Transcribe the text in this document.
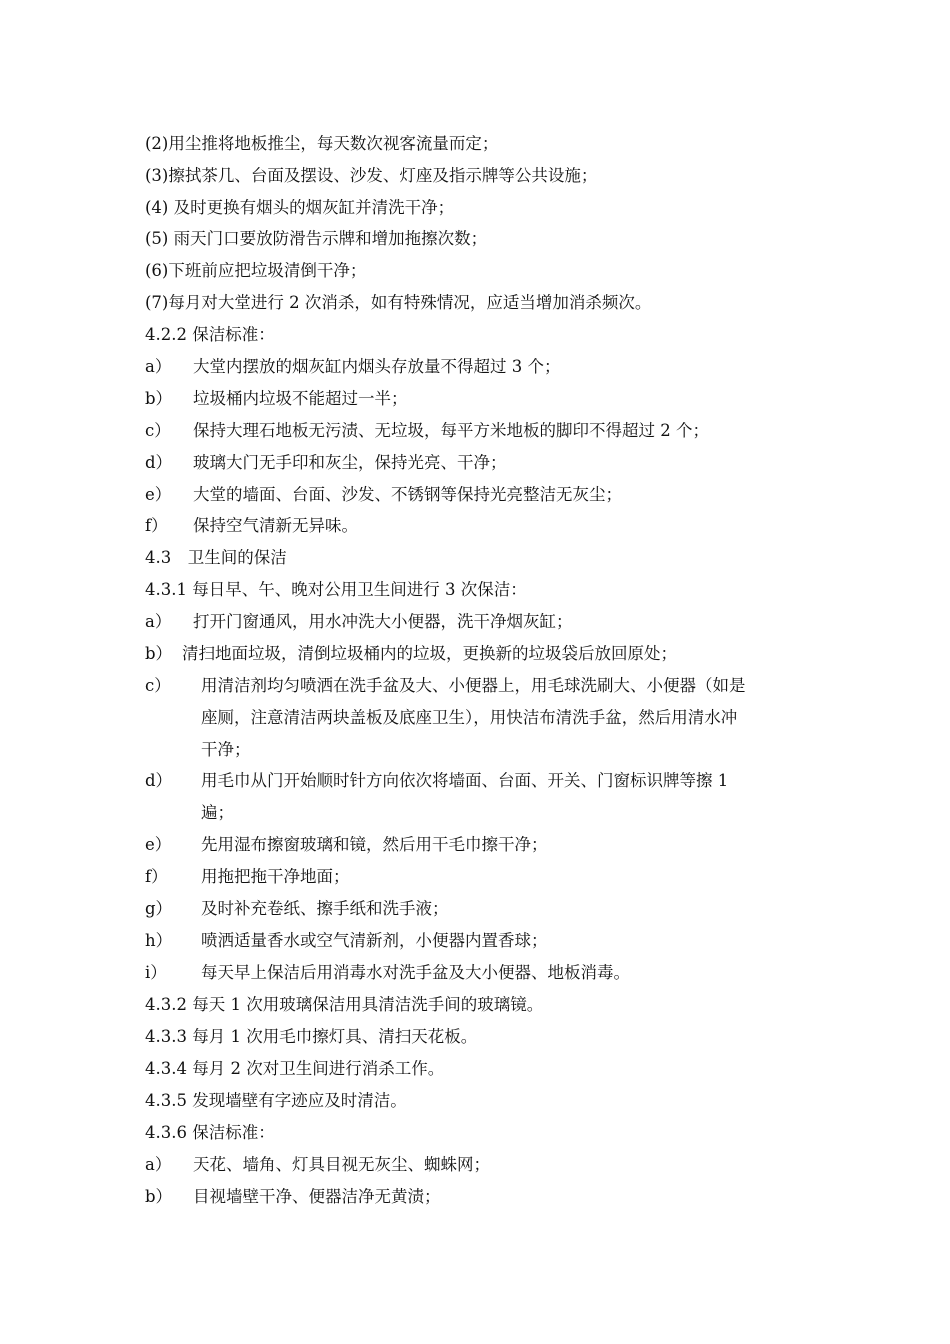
(2)用尘推将地板推尘，每天数次视客流量而定；
(3)擦拭茶几、台面及摆设、沙发、灯座及指示牌等公共设施；
(4) 及时更换有烟头的烟灰缸并清洗干净；
(5) 雨天门口要放防滑告示牌和增加拖擦次数；
(6)下班前应把垃圾清倒干净；
(7)每月对大堂进行 2 次消杀，如有特殊情况，应适当增加消杀频次。
4.2.2 保洁标准：
a） 大堂内摆放的烟灰缸内烟头存放量不得超过 3 个；
b） 垃圾桶内垃圾不能超过一半；
c） 保持大理石地板无污渍、无垃圾，每平方米地板的脚印不得超过 2 个；
d） 玻璃大门无手印和灰尘，保持光亮、干净；
e） 大堂的墙面、台面、沙发、不锈钢等保持光亮整洁无灰尘；
f） 保持空气清新无异味。
4.3　卫生间的保洁
4.3.1 每日早、午、晚对公用卫生间进行 3 次保洁：
a） 打开门窗通风，用水冲洗大小便器，洗干净烟灰缸；
b） 清扫地面垃圾，清倒垃圾桶内的垃圾，更换新的垃圾袋后放回原处；
c） 用清洁剂均匀喷洒在洗手盆及大、小便器上，用毛球洗刷大、小便器（如是
座厕，注意清洁两块盖板及底座卫生），用快洁布清洗手盆，然后用清水冲
干净；
d） 用毛巾从门开始顺时针方向依次将墙面、台面、开关、门窗标识牌等擦 1
遍；
e） 先用湿布擦窗玻璃和镜，然后用干毛巾擦干净；
f） 用拖把拖干净地面；
g） 及时补充卷纸、擦手纸和洗手液；
h） 喷洒适量香水或空气清新剂，小便器内置香球；
i） 每天早上保洁后用消毒水对洗手盆及大小便器、地板消毒。
4.3.2 每天 1 次用玻璃保洁用具清洁洗手间的玻璃镜。
4.3.3 每月 1 次用毛巾擦灯具、清扫天花板。
4.3.4 每月 2 次对卫生间进行消杀工作。
4.3.5 发现墙壁有字迹应及时清洁。
4.3.6 保洁标准：
a） 天花、墙角、灯具目视无灰尘、蜘蛛网；
b） 目视墙壁干净、便器洁净无黄渍；
